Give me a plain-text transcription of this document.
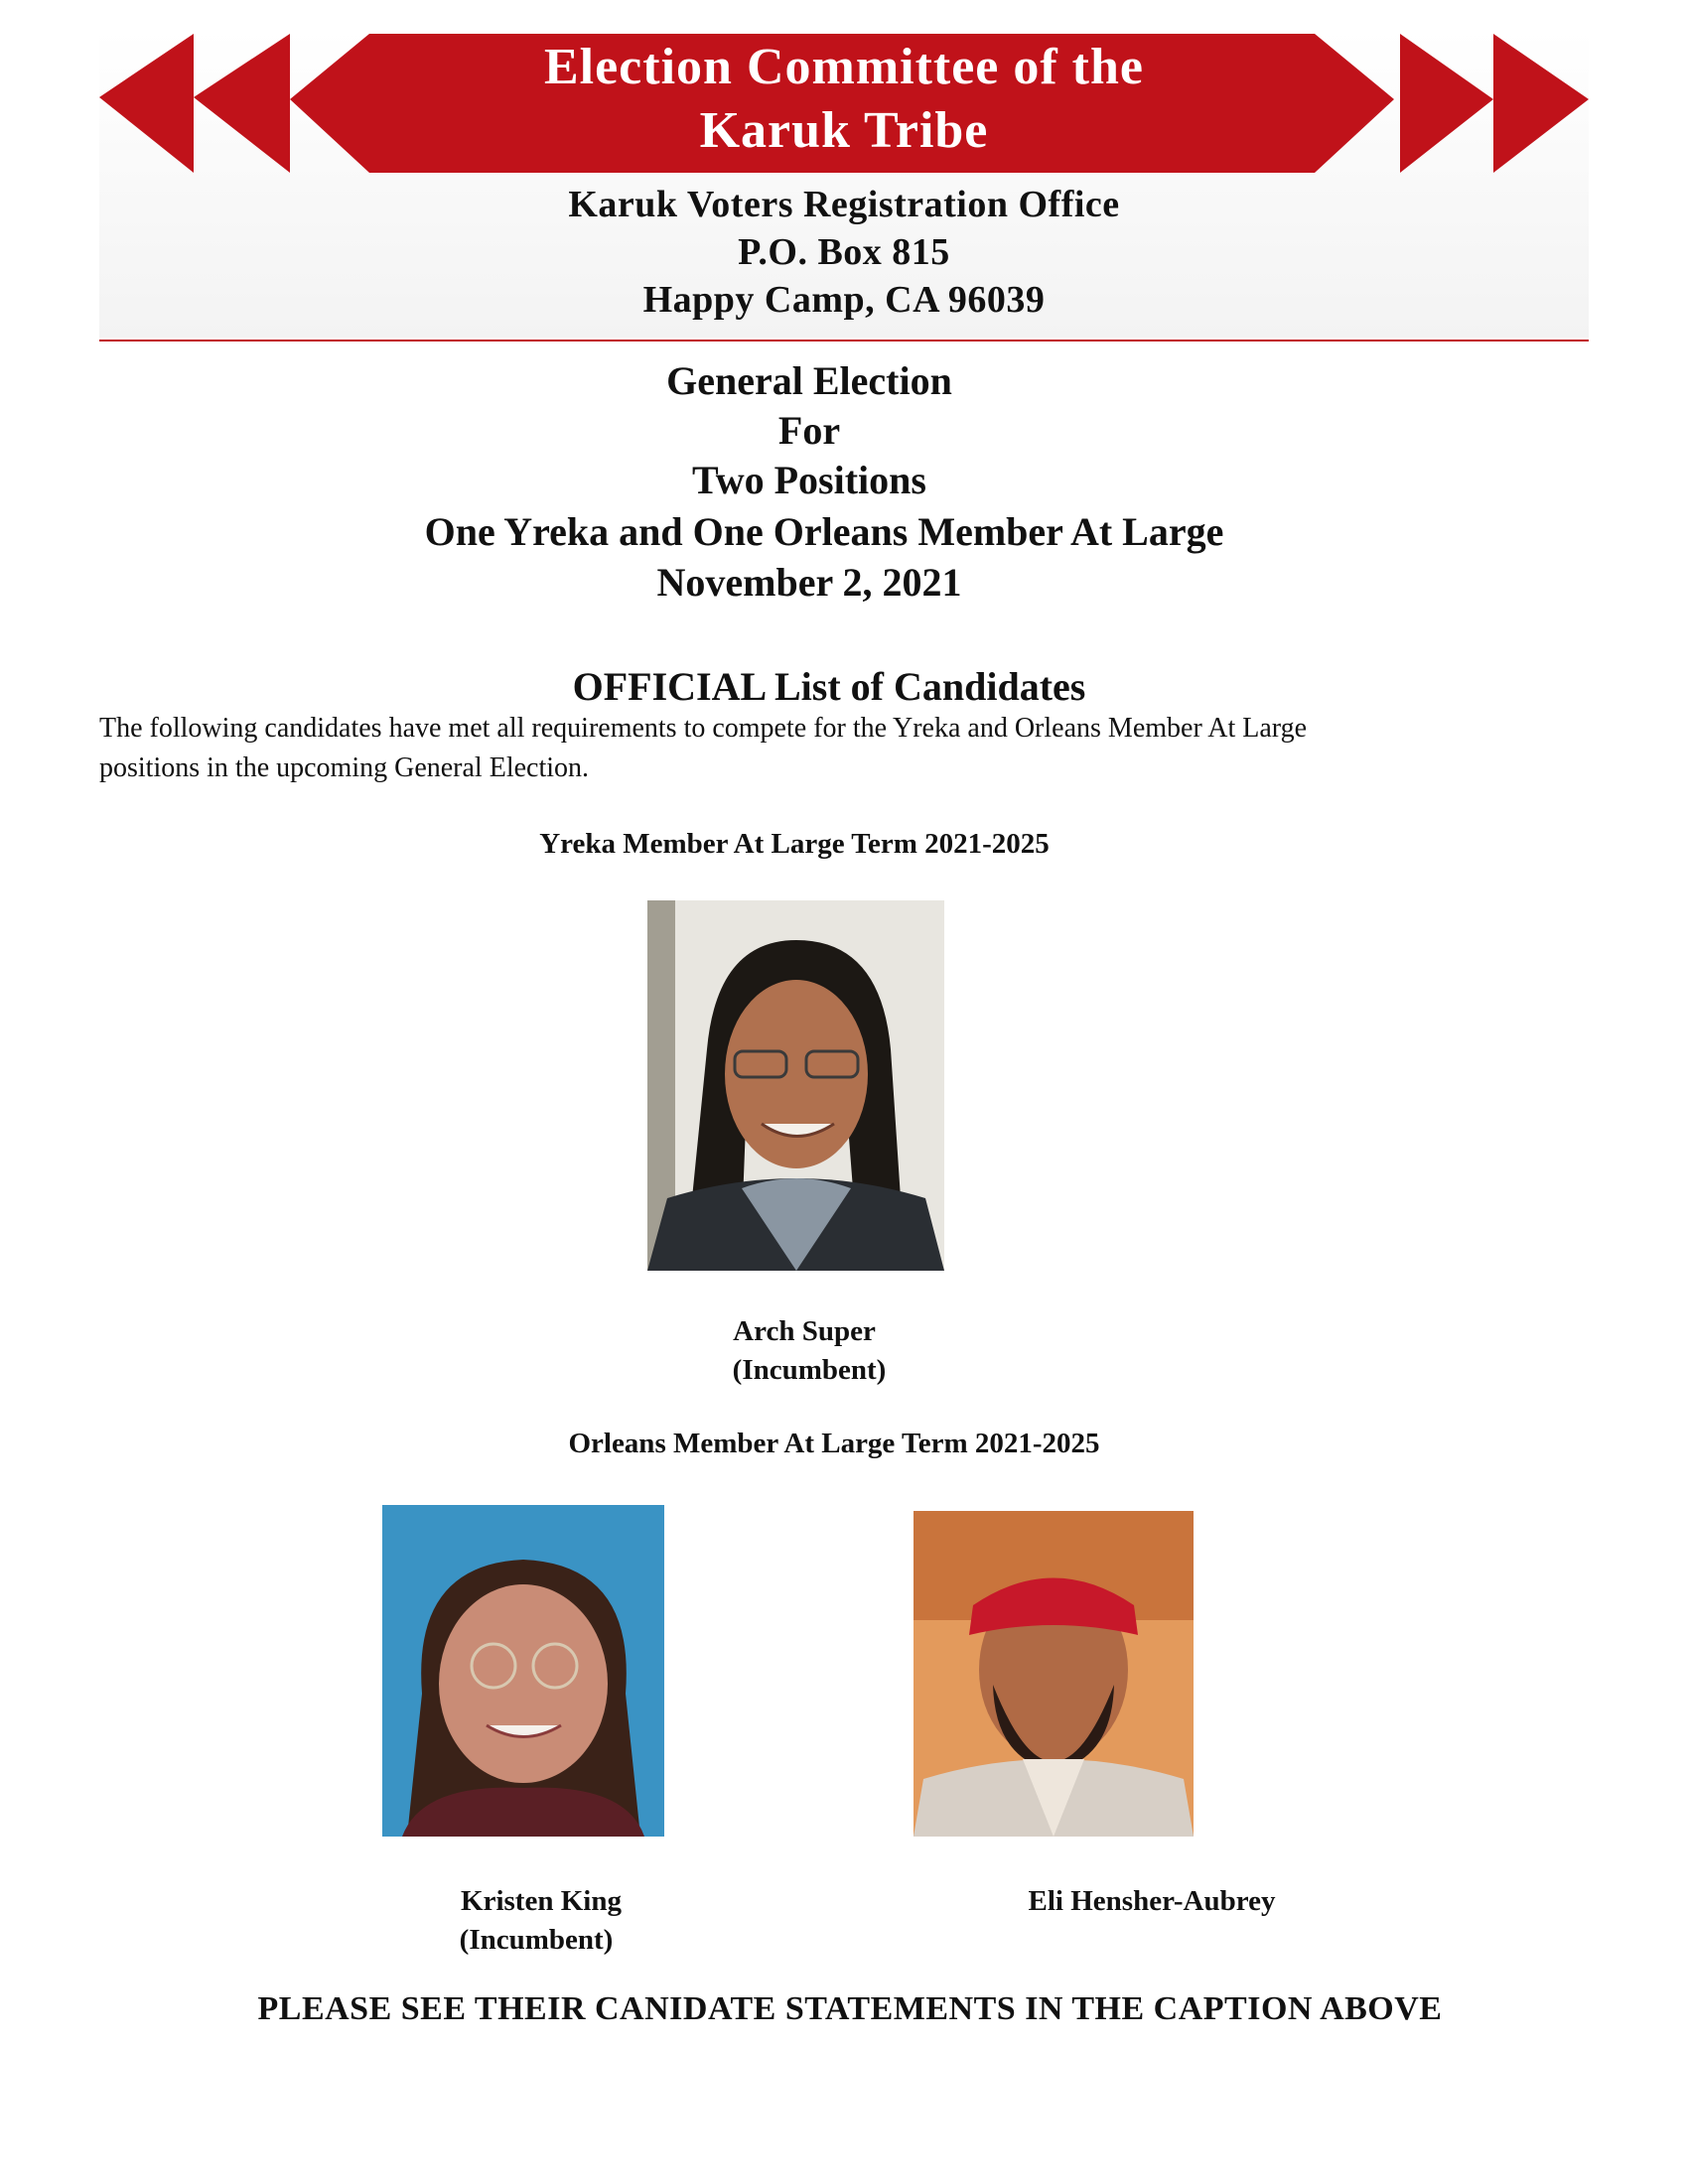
Election Committee of the
Karuk Tribe
Karuk Voters Registration Office
P.O. Box 815
Happy Camp, CA 96039
General Election
For
Two Positions
One Yreka and One Orleans Member At Large
November 2, 2021
OFFICIAL List of Candidates
The following candidates have met all requirements to compete for the Yreka and Orleans Member At Large
positions in the upcoming General Election.
Yreka Member At Large Term 2021-2025
Arch Super
(Incumbent)
Orleans Member At Large Term 2021-2025
Kristen King
(Incumbent)
Eli Hensher-Aubrey
PLEASE SEE THEIR CANIDATE STATEMENTS IN THE CAPTION ABOVE
